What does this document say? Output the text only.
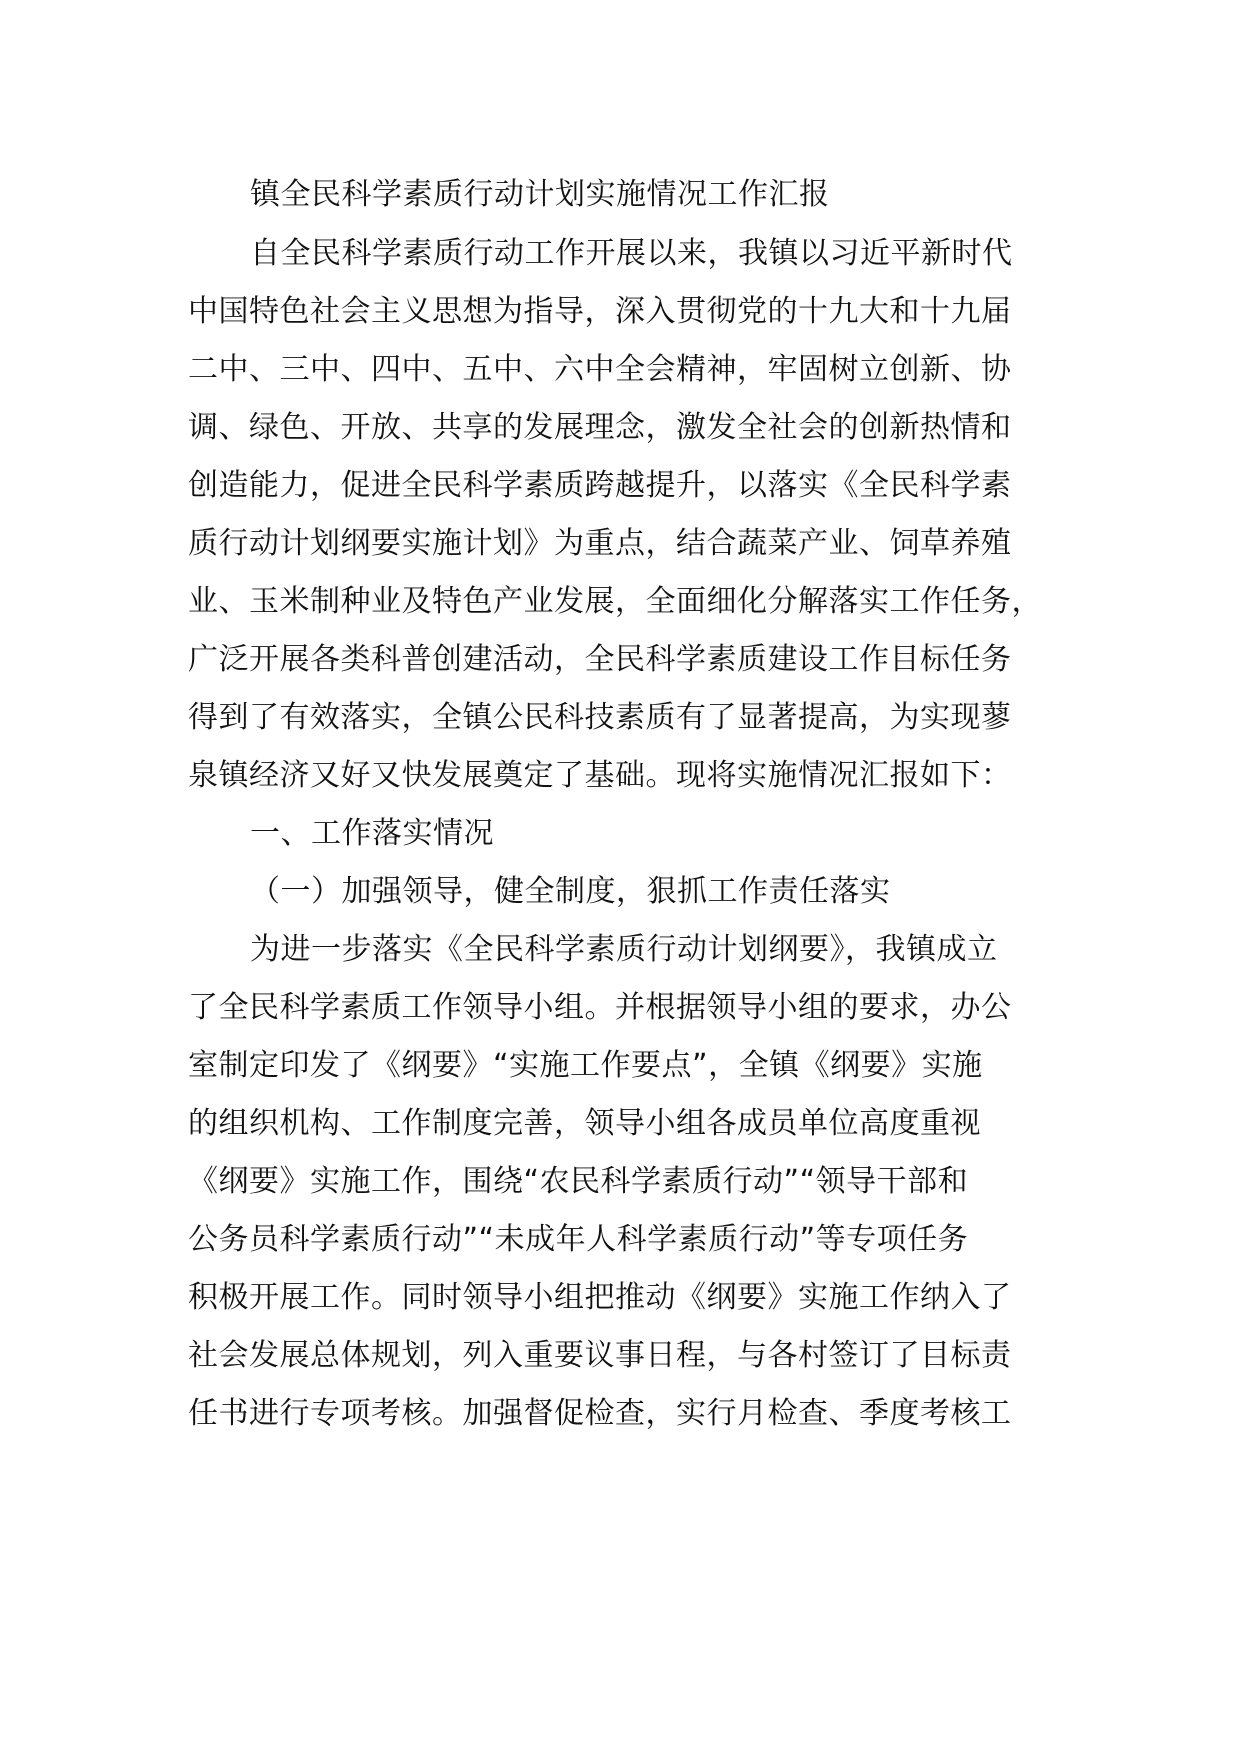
镇全民科学素质行动计划实施情况工作汇报
自全民科学素质行动工作开展以来，我镇以习近平新时代
中国特色社会主义思想为指导，深入贯彻党的十九大和十九届
二中、三中、四中、五中、六中全会精神，牢固树立创新、协
调、绿色、开放、共享的发展理念，激发全社会的创新热情和
创造能力，促进全民科学素质跨越提升，以落实《全民科学素
质行动计划纲要实施计划》为重点，结合蔬菜产业、饲草养殖
业、玉米制种业及特色产业发展，全面细化分解落实工作任务，
广泛开展各类科普创建活动，全民科学素质建设工作目标任务
得到了有效落实，全镇公民科技素质有了显著提高，为实现蓼
泉镇经济又好又快发展奠定了基础。现将实施情况汇报如下：
一、工作落实情况
（一）加强领导，健全制度，狠抓工作责任落实
为进一步落实《全民科学素质行动计划纲要》，我镇成立
了全民科学素质工作领导小组。并根据领导小组的要求，办公
室制定印发了《纲要》“实施工作要点”，全镇《纲要》实施
的组织机构、工作制度完善，领导小组各成员单位高度重视
《纲要》实施工作，围绕“农民科学素质行动”“领导干部和
公务员科学素质行动”“未成年人科学素质行动”等专项任务
积极开展工作。同时领导小组把推动《纲要》实施工作纳入了
社会发展总体规划，列入重要议事日程，与各村签订了目标责
任书进行专项考核。加强督促检查，实行月检查、季度考核工
